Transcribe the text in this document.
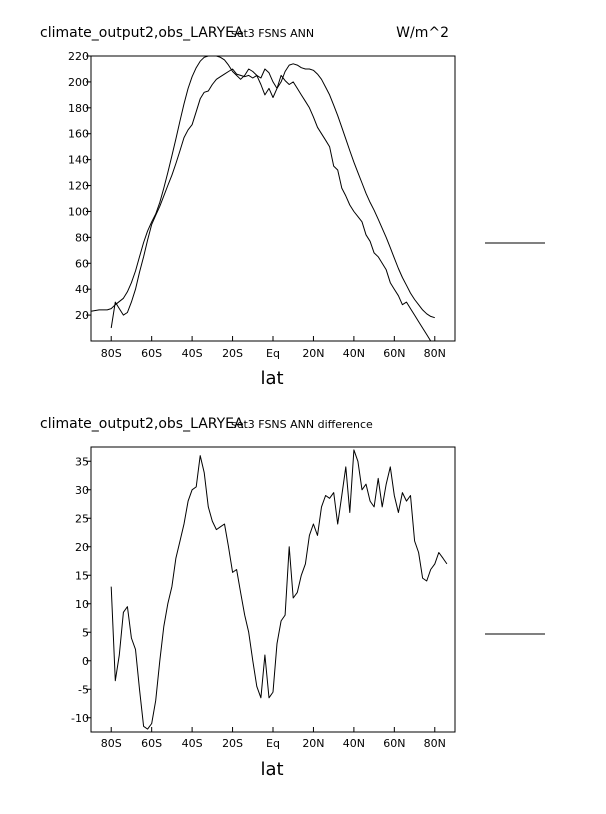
climate_output2,obs_LARYEA
set3 FSNS ANN	W/m^2
20
40
60
80
100
120
140
160
180
200
220
80S 60S 40S 20S Eq 20N 40N 60N 80N
lat
climate_output2,obs_LARYEA
set3 FSNS ANN difference
-10
-5
0
5
10
15
20
25
30
35
80S 60S 40S 20S Eq 20N 40N 60N 80N
lat
